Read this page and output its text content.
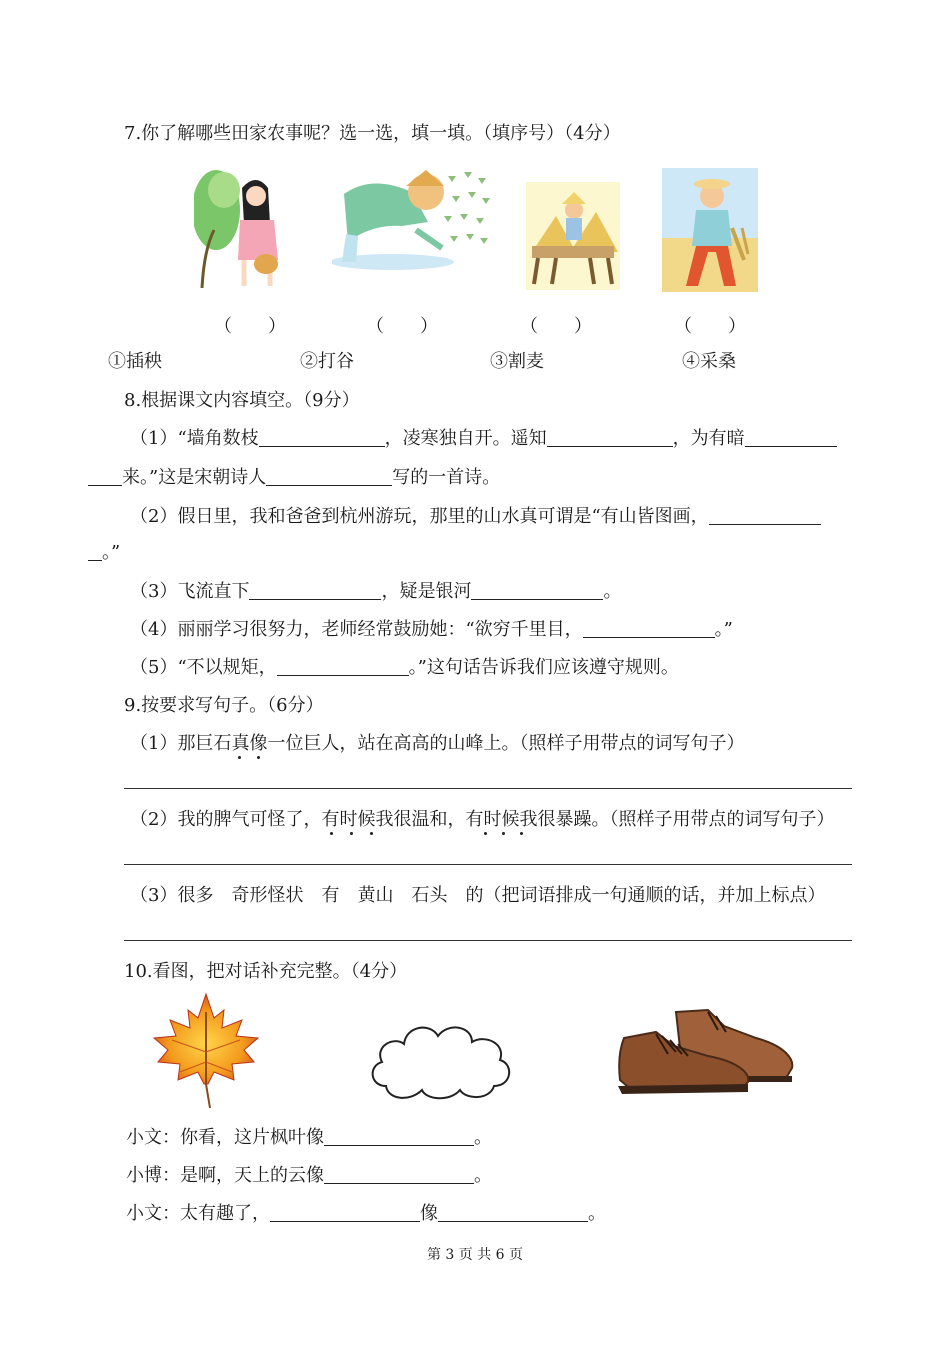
7.你了解哪些田家农事呢？选一选，填一填。（填序号）（4分）
（　　）	（　　）	（　　）	（　　）
①插秧	②打谷	③割麦	④采桑
8.根据课文内容填空。（9分）
（1）“墙角数枝	，凌寒独自开。遥知	，为有暗
来。”这是宋朝诗人	写的一首诗。
（2）假日里，我和爸爸到杭州游玩，那里的山水真可谓是“有山皆图画，
。”
（3）飞流直下	，疑是银河	。
（4）丽丽学习很努力，老师经常鼓励她：“欲穷千里目，	。”
（5）“不以规矩，	。”这句话告诉我们应该遵守规则。
9.按要求写句子。（6分）
（1）那巨石真像一位巨人，站在高高的山峰上。（照样子用带点的词写句子）
（2）我的脾气可怪了，有时候我很温和，有时候我很暴躁。（照样子用带点的词写句子）
（3）很多　奇形怪状　有　黄山　石头　的（把词语排成一句通顺的话，并加上标点）
10.看图，把对话补充完整。（4分）
小文：你看，这片枫叶像	。
小博：是啊，天上的云像	。
小文：太有趣了，	像	。
第 3 页 共 6 页
